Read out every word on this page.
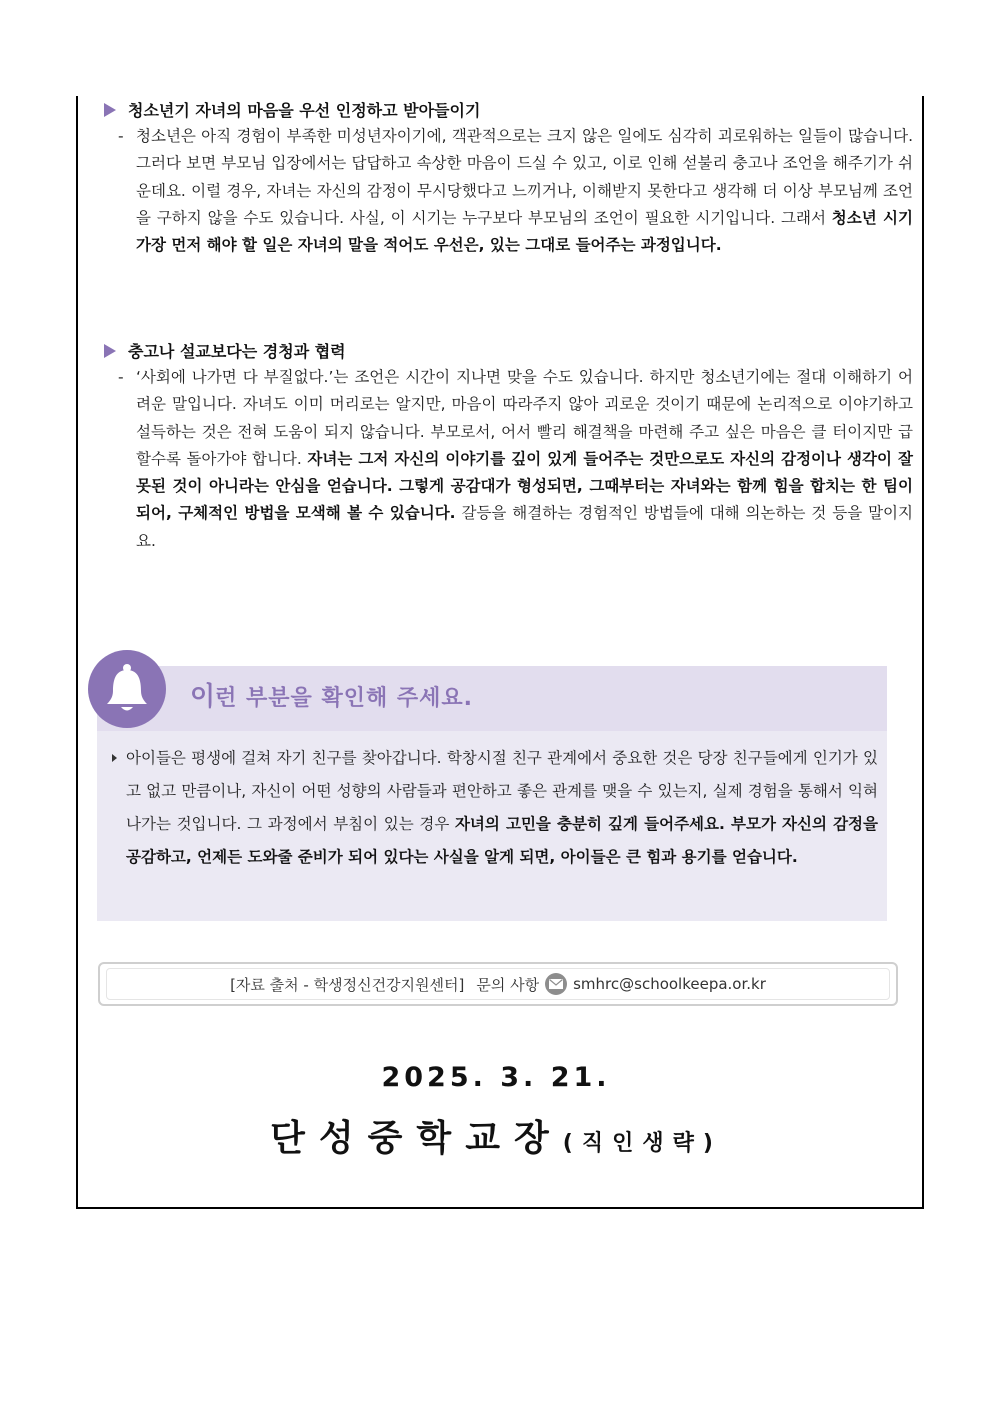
청소년기 자녀의 마음을 우선 인정하고 받아들이기
- 청소년은 아직 경험이 부족한 미성년자이기에, 객관적으로는 크지 않은 일에도 심각히 괴로워하는 일들이 많습니다. 그러다 보면 부모님 입장에서는 답답하고 속상한 마음이 드실 수 있고, 이로 인해 섣불리 충고나 조언을 해주기가 쉬운데요. 이럴 경우, 자녀는 자신의 감정이 무시당했다고 느끼거나, 이해받지 못한다고 생각해 더 이상 부모님께 조언을 구하지 않을 수도 있습니다. 사실, 이 시기는 누구보다 부모님의 조언이 필요한 시기입니다. 그래서 청소년 시기 가장 먼저 해야 할 일은 자녀의 말을 적어도 우선은, 있는 그대로 들어주는 과정입니다.
충고나 설교보다는 경청과 협력
- ‘사회에 나가면 다 부질없다.’는 조언은 시간이 지나면 맞을 수도 있습니다. 하지만 청소년기에는 절대 이해하기 어려운 말입니다. 자녀도 이미 머리로는 알지만, 마음이 따라주지 않아 괴로운 것이기 때문에 논리적으로 이야기하고 설득하는 것은 전혀 도움이 되지 않습니다. 부모로서, 어서 빨리 해결책을 마련해 주고 싶은 마음은 클 터이지만 급할수록 돌아가야 합니다. 자녀는 그저 자신의 이야기를 깊이 있게 들어주는 것만으로도 자신의 감정이나 생각이 잘못된 것이 아니라는 안심을 얻습니다. 그렇게 공감대가 형성되면, 그때부터는 자녀와는 함께 힘을 합치는 한 팀이 되어, 구체적인 방법을 모색해 볼 수 있습니다. 갈등을 해결하는 경험적인 방법들에 대해 의논하는 것 등을 말이지요.
이런 부분을 확인해 주세요.
아이들은 평생에 걸쳐 자기 친구를 찾아갑니다. 학창시절 친구 관계에서 중요한 것은 당장 친구들에게 인기가 있고 없고 만큼이나, 자신이 어떤 성향의 사람들과 편안하고 좋은 관계를 맺을 수 있는지, 실제 경험을 통해서 익혀 나가는 것입니다. 그 과정에서 부침이 있는 경우 자녀의 고민을 충분히 깊게 들어주세요. 부모가 자신의 감정을 공감하고, 언제든 도와줄 준비가 되어 있다는 사실을 알게 되면, 아이들은 큰 힘과 용기를 얻습니다.
[자료 출처 - 학생정신건강지원센터] 문의 사항 smhrc@schoolkeepa.or.kr
2025. 3. 21.
단성중학교장(직인생략)
